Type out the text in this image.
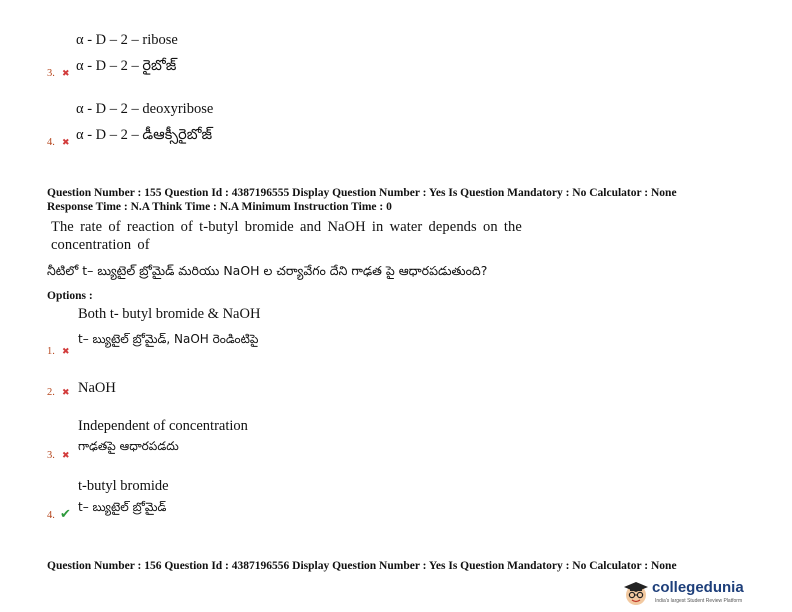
α - D – 2 – ribose
3. ✖ α - D – 2 – రైబోజ్
α - D – 2 – deoxyribose
4. ✖ α - D – 2 – డీఆక్సీరైబోజ్
Question Number : 155 Question Id : 4387196555 Display Question Number : Yes Is Question Mandatory : No Calculator : None
Response Time : N.A Think Time : N.A Minimum Instruction Time : 0
The rate of reaction of t-butyl bromide and NaOH in water depends on the
concentration of
నీటిలో t– బ్యుటైల్ బ్రోమైడ్ మరియు NaOH ల చర్యావేగం దేని గాఢత పై ఆధారపడుతుంది?
Options :
Both t- butyl bromide & NaOH
t– బ్యుటైల్ బ్రోమైడ్, NaOH రెండింటిపై
1. ✖
NaOH
2. ✖
Independent of concentration
గాఢతపై ఆధారపడదు
3. ✖
t-butyl bromide
t– బ్యుటైల్ బ్రోమైడ్
4. ✔
Question Number : 156 Question Id : 4387196556 Display Question Number : Yes Is Question Mandatory : No Calculator : None
collegedunia
India's largest Student Review Platform
